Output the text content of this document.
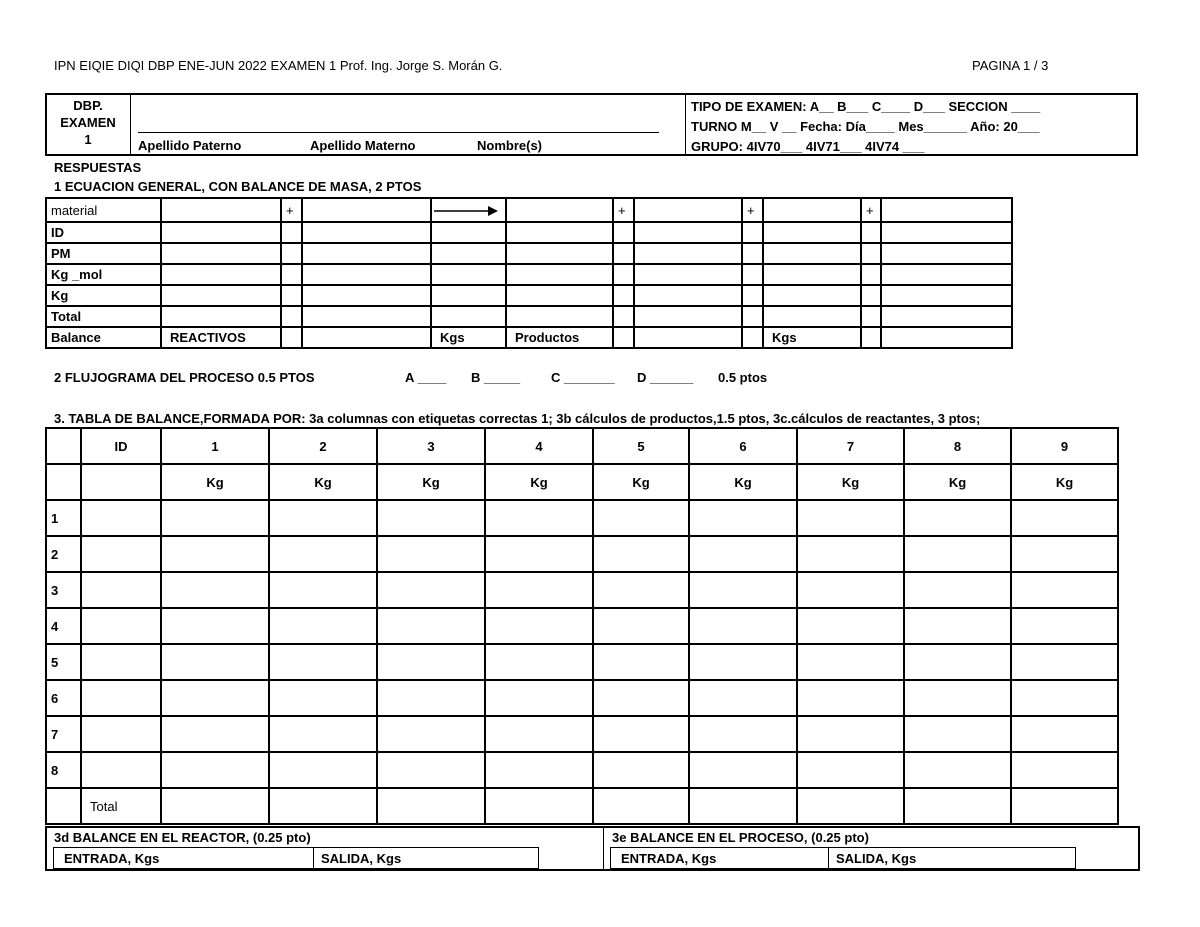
IPN EIQIE DIQI DBP ENE-JUN 2022 EXAMEN 1 Prof. Ing. Jorge S. Morán G.	PAGINA 1 / 3
DBP.
EXAMEN
1	Apellido Paterno	Apellido Materno	Nombre(s)
TIPO DE EXAMEN: A__ B___ C____ D___ SECCION ____
TURNO M__ V __ Fecha: Día____ Mes______ Año: 20___
GRUPO: 4IV70___ 4IV71___ 4IV74 ___
RESPUESTAS
1 ECUACION GENERAL, CON BALANCE DE MASA, 2 PTOS
material		+				+		+		+	
ID											
PM											
Kg _mol											
Kg											
Total											
Balance	REACTIVOS			Kgs	Productos				Kgs		
2 FLUJOGRAMA DEL PROCESO 0.5 PTOS	A ____ B _____ C _______ D ______ 0.5 ptos
3. TABLA DE BALANCE,FORMADA POR: 3a columnas con etiquetas correctas 1; 3b cálculos de productos,1.5 ptos, 3c.cálculos de reactantes, 3 ptos;
	ID	1	2	3	4	5	6	7	8	9
		Kg	Kg	Kg	Kg	Kg	Kg	Kg	Kg	Kg
1										
2										
3										
4										
5										
6										
7										
8										
	Total									
3d BALANCE EN EL REACTOR, (0.25 pto)
ENTRADA, Kgs	SALIDA, Kgs
3e BALANCE EN EL PROCESO, (0.25 pto)
ENTRADA, Kgs	SALIDA, Kgs
